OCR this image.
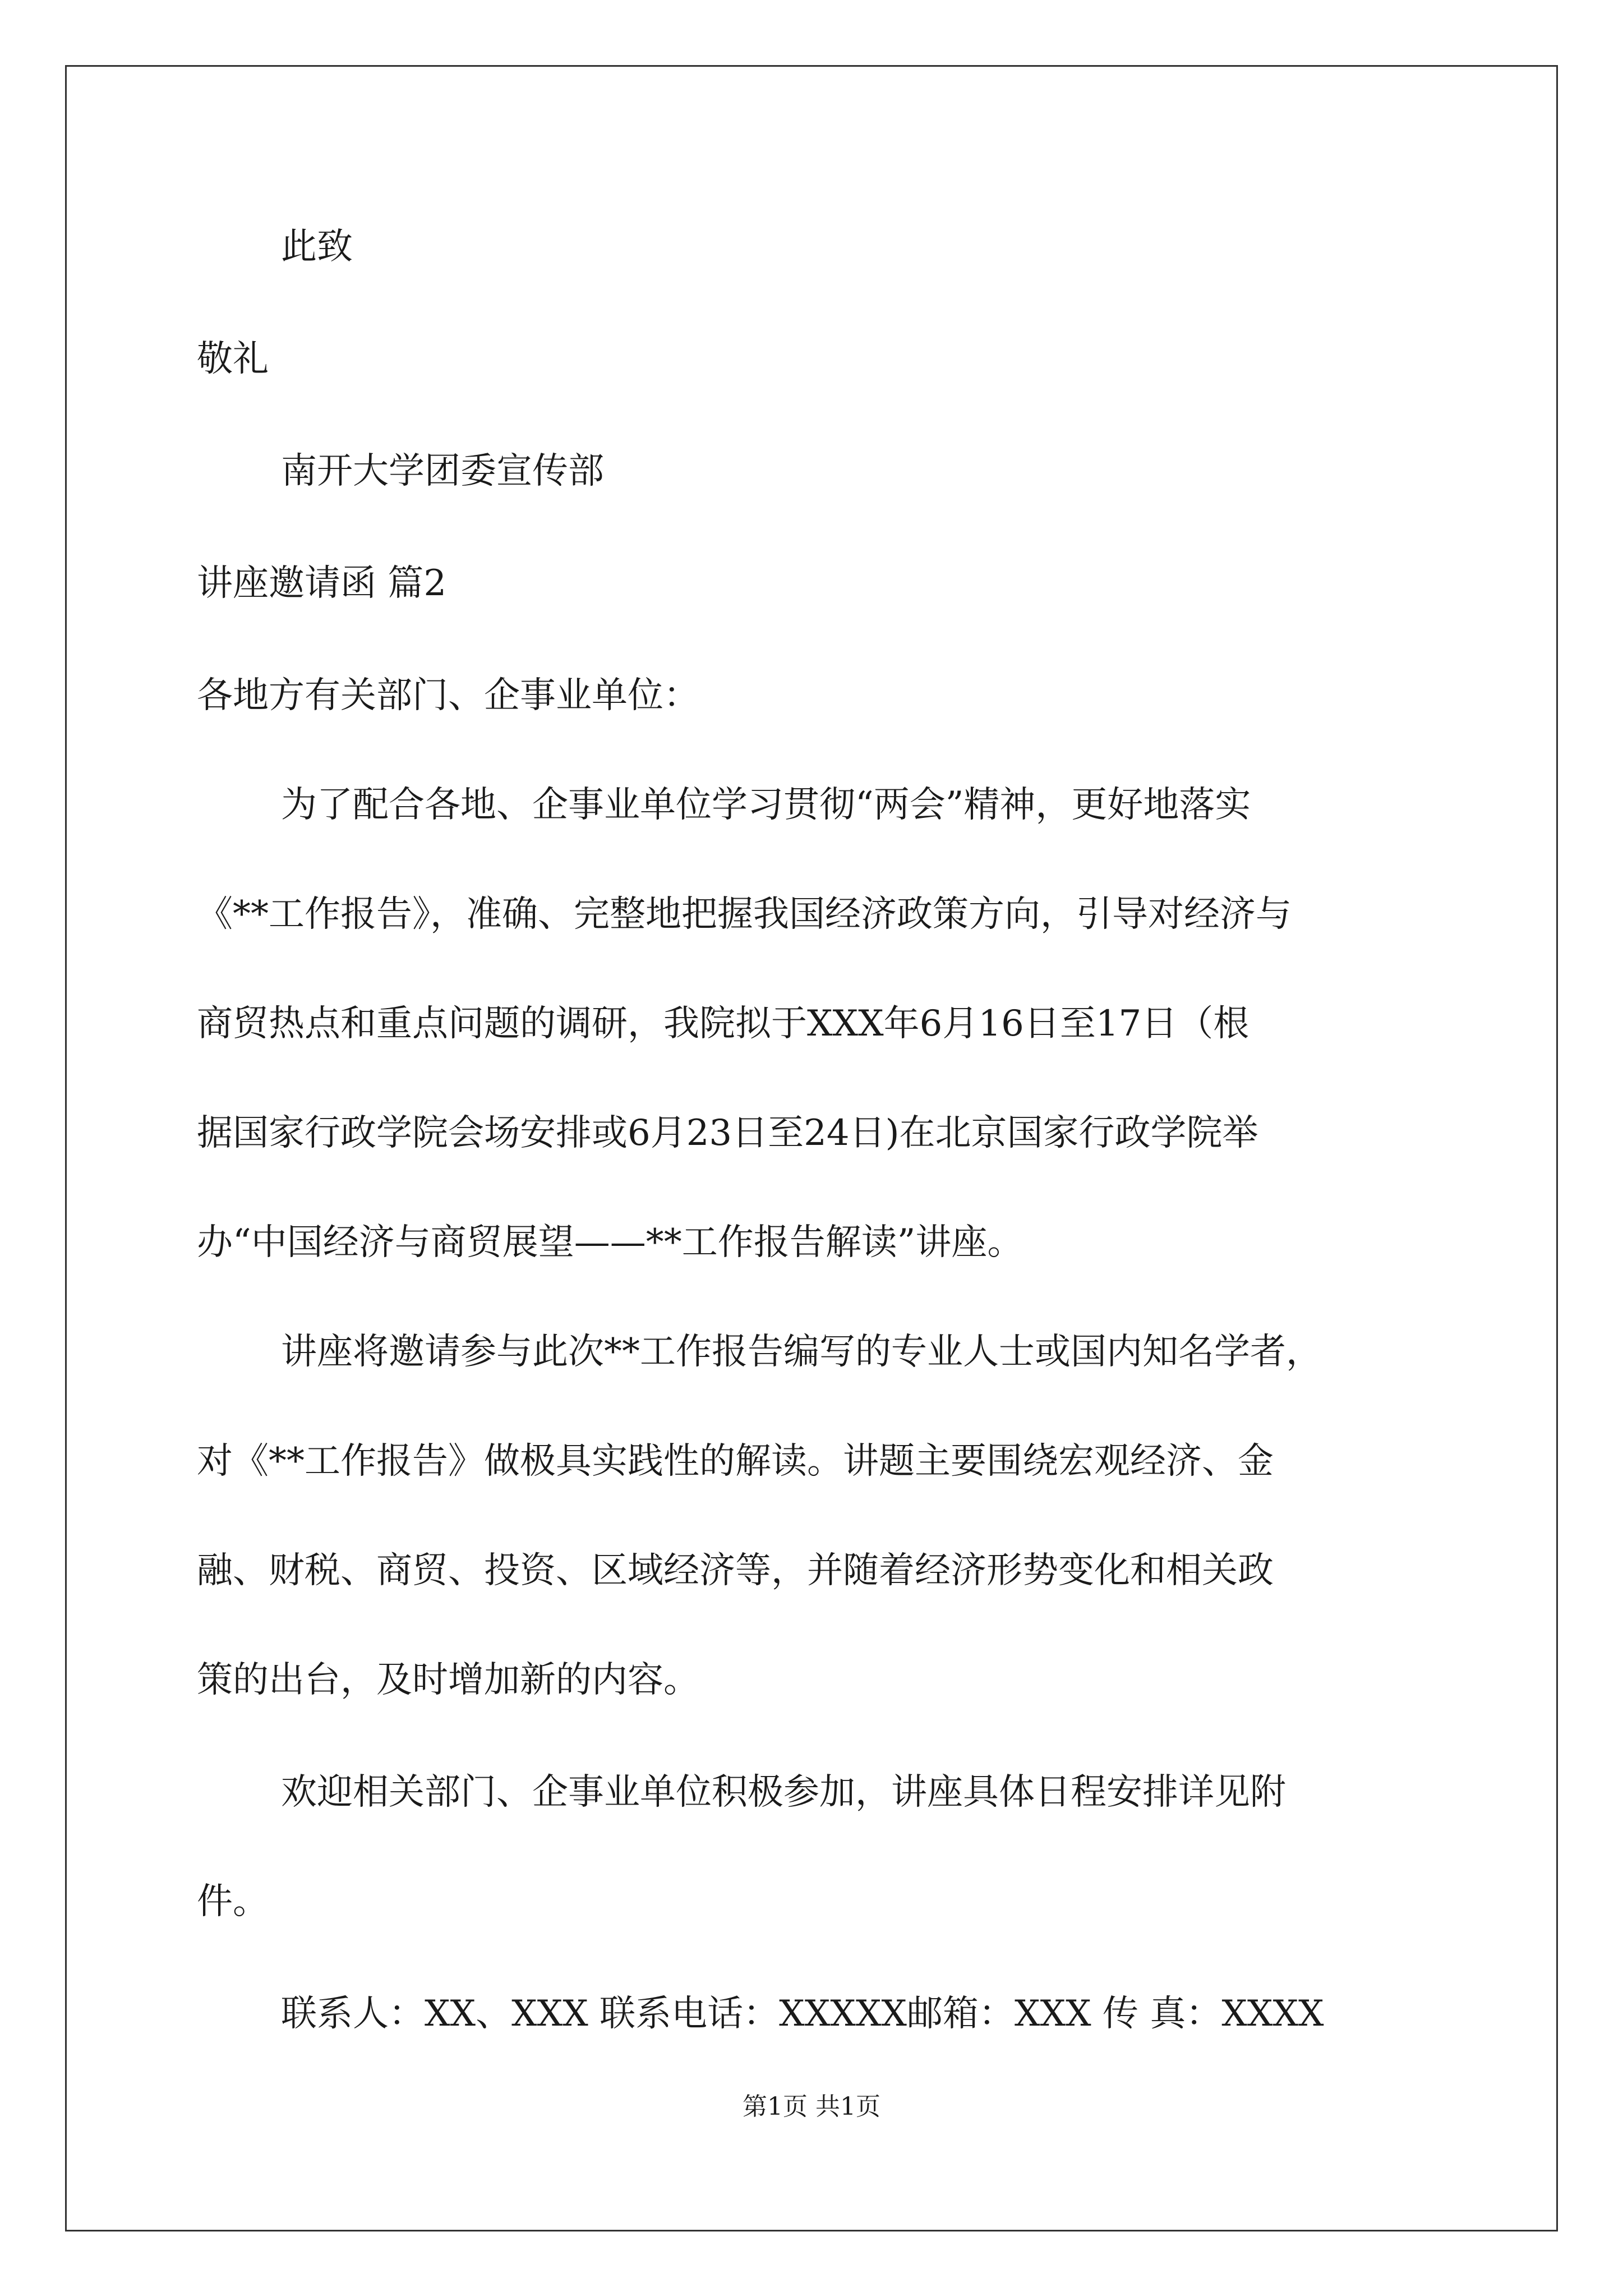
此致
敬礼
南开大学团委宣传部
讲座邀请函 篇2
各地方有关部门、企事业单位：
为了配合各地、企事业单位学习贯彻“两会”精神，更好地落实
《**工作报告》，准确、完整地把握我国经济政策方向，引导对经济与
商贸热点和重点问题的调研，我院拟于XXX年6月16日至17日（根
据国家行政学院会场安排或6月23日至24日)在北京国家行政学院举
办“中国经济与商贸展望——**工作报告解读”讲座。
讲座将邀请参与此次**工作报告编写的专业人士或国内知名学者，
对《**工作报告》做极具实践性的解读。讲题主要围绕宏观经济、金
融、财税、商贸、投资、区域经济等，并随着经济形势变化和相关政
策的出台，及时增加新的内容。
欢迎相关部门、企事业单位积极参加，讲座具体日程安排详见附
件。
联系人：XX、XXX 联系电话：XXXXX邮箱：XXX 传 真：XXXX
第1页 共1页
